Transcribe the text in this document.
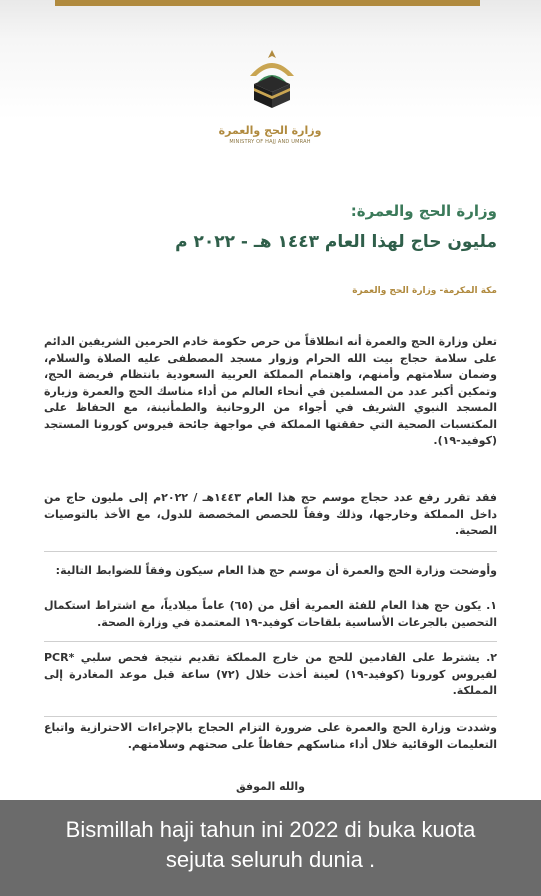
وزارة الحج والعمرة
MINISTRY OF HAJJ AND UMRAH
وزارة الحج والعمرة:
مليون حاج لهذا العام ١٤٤٣ هـ - ٢٠٢٢ م
مكة المكرمة- وزارة الحج والعمرة
تعلن وزارة الحج والعمرة أنه انطلاقاً من حرص حكومة خادم الحرمين الشريفين الدائم على سلامة حجاج بيت الله الحرام وزوار مسجد المصطفى عليه الصلاة والسلام، وضمان سلامتهم وأمنهم، واهتمام المملكة العربية السعودية بانتظام فريضة الحج، وتمكين أكبر عدد من المسلمين في أنحاء العالم من أداء مناسك الحج والعمرة وزيارة المسجد النبوي الشريف في أجواء من الروحانية والطمأنينة، مع الحفاظ على المكتسبات الصحية التي حققتها المملكة في مواجهة جائحة فيروس كورونا المستجد (كوفيد-١٩).
فقد تقرر رفع عدد حجاج موسم حج هذا العام ١٤٤٣هـ / ٢٠٢٢م إلى مليون حاج من داخل المملكة وخارجها، وذلك وفقاً للحصص المخصصة للدول، مع الأخذ بالتوصيات الصحية.
وأوضحت وزارة الحج والعمرة أن موسم حج هذا العام سيكون وفقاً للضوابط التالية:
١. يكون حج هذا العام للفئة العمرية أقل من (٦٥) عاماً ميلادياً، مع اشتراط استكمال التحصين بالجرعات الأساسية بلقاحات كوفيد-١٩ المعتمدة في وزارة الصحة.
٢. يشترط على القادمين للحج من خارج المملكة تقديم نتيجة فحص سلبي *PCR لفيروس كورونا (كوفيد-١٩) لعينة أخذت خلال (٧٢) ساعة قبل موعد المغادرة إلى المملكة.
وشددت وزارة الحج والعمرة على ضرورة التزام الحجاج بالإجراءات الاحترازية واتباع التعليمات الوقائية خلال أداء مناسكهم حفاظاً على صحتهم وسلامتهم.
والله الموفق
Bismillah haji tahun ini 2022 di buka kuota
sejuta seluruh dunia .
